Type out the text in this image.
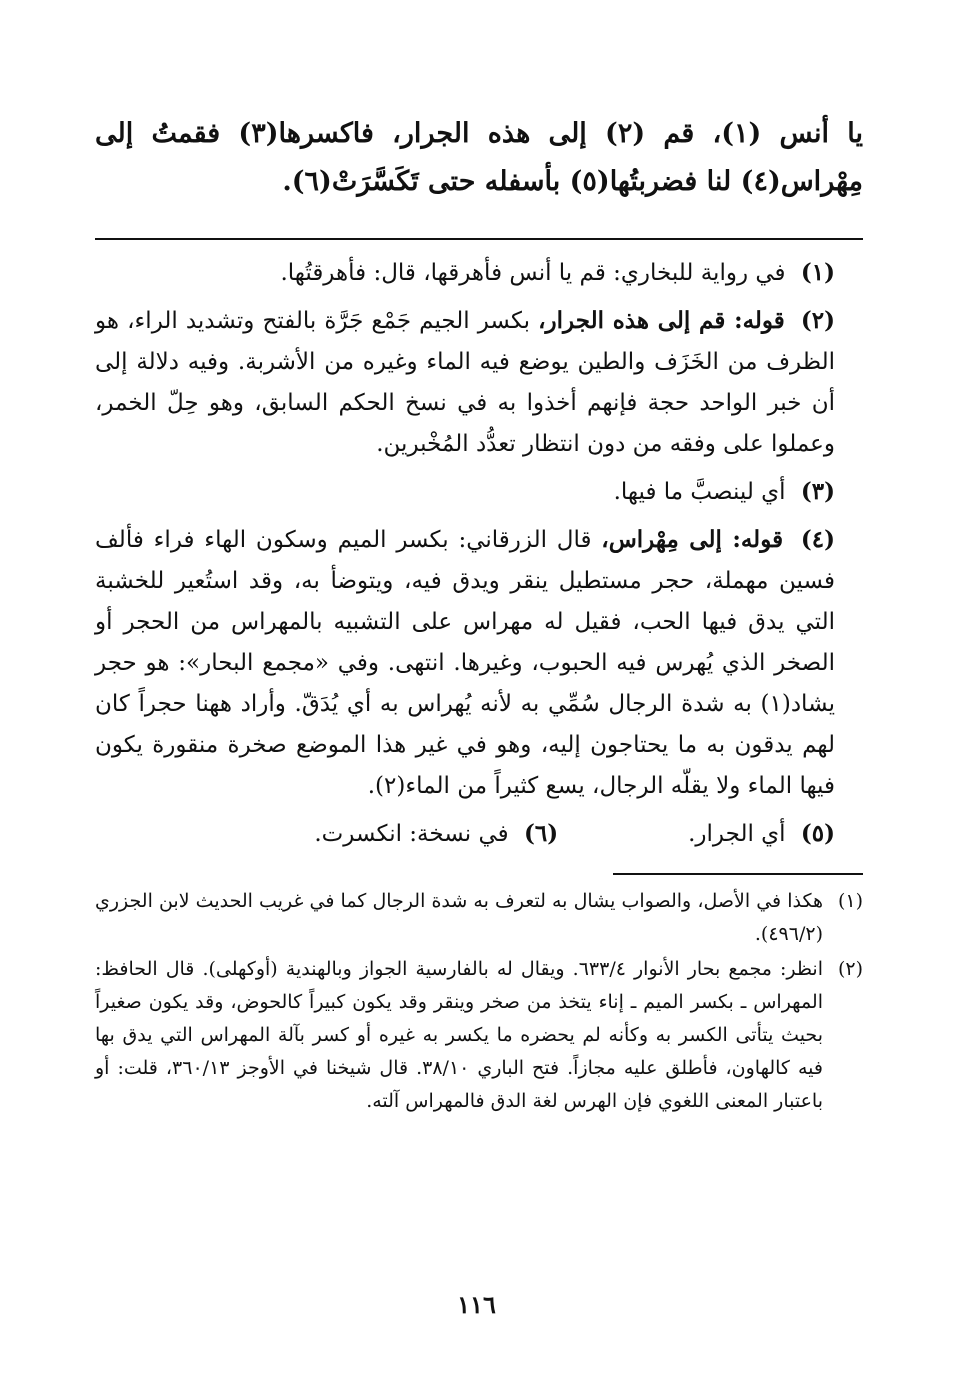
يا أنس (١)، قم (٢) إلى هذه الجرار، فاكسرها(٣) فقمتُ إلى مِهْراس(٤) لنا فضربتُها(٥) بأسفله حتى تَكَسَّرَتْ(٦).

(١) في رواية للبخاري: قم يا أنس فأهرقها، قال: فأهرقتُها.

(٢) قوله: قم إلى هذه الجرار، بكسر الجيم جَمْع جَرَّة بالفتح وتشديد الراء، هو الظرف من الخَزَف والطين يوضع فيه الماء وغيره من الأشربة. وفيه دلالة إلى أن خبر الواحد حجة فإنهم أخذوا به في نسخ الحكم السابق، وهو حِلّ الخمر، وعملوا على وفقه من دون انتظار تعدُّد المُخْبرين.

(٣) أي لينصبَّ ما فيها.

(٤) قوله: إلى مِهْراس، قال الزرقاني: بكسر الميم وسكون الهاء فراء فألف فسين مهملة، حجر مستطيل ينقر ويدق فيه، ويتوضأ به، وقد استُعير للخشبة التي يدق فيها الحب، فقيل له مهراس على التشبيه بالمهراس من الحجر أو الصخر الذي يُهرس فيه الحبوب، وغيرها. انتهى. وفي «مجمع البحار»: هو حجر يشاد(١) به شدة الرجال سُمِّي به لأنه يُهراس به أي يُدَقّ. وأراد ههنا حجراً كان لهم يدقون به ما يحتاجون إليه، وهو في غير هذا الموضع صخرة منقورة يكون فيها الماء ولا يقلّه الرجال، يسع كثيراً من الماء(٢).

(٥) أي الجرار.
(٦) في نسخة: انكسرت.
(١)
هكذا في الأصل، والصواب يشال به لتعرف به شدة الرجال كما في غريب الحديث لابن الجزري (٤٩٦/٢).
(٢)
انظر: مجمع بحار الأنوار ٦٣٣/٤. ويقال له بالفارسية الجواز وبالهندية (أوكهلى). قال الحافظ: المهراس ـ بكسر الميم ـ إناء يتخذ من صخر وينقر وقد يكون كبيراً كالحوض، وقد يكون صغيراً بحيث يتأتى الكسر به وكأنه لم يحضره ما يكسر به غيره أو كسر بآلة المهراس التي يدق بها فيه كالهاون، فأطلق عليه مجازاً. فتح الباري ٣٨/١٠. قال شيخنا في الأوجز ٣٦٠/١٣، قلت: أو باعتبار المعنى اللغوي فإن الهرس لغة الدق فالمهراس آلته.
١١٦
